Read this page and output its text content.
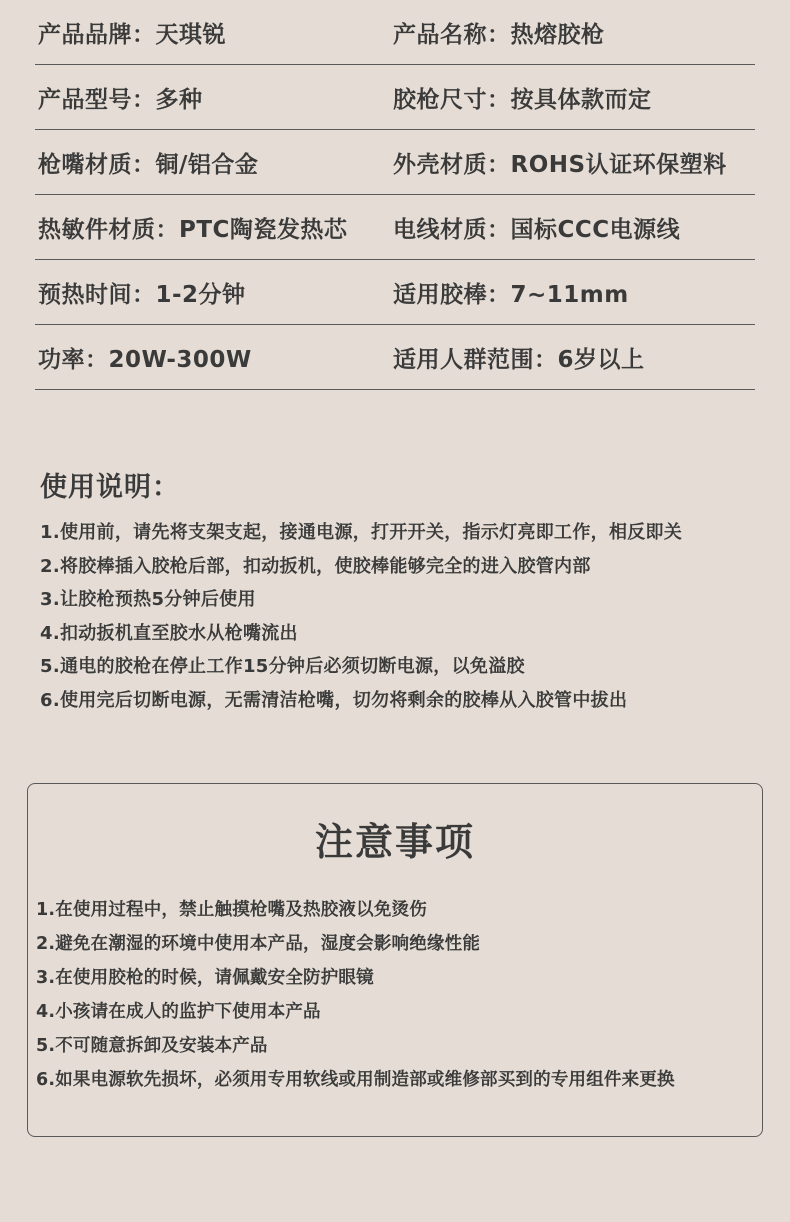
产品品牌：天琪锐	产品名称：热熔胶枪
产品型号：多种	胶枪尺寸：按具体款而定
枪嘴材质：铜/铝合金	外壳材质：ROHS认证环保塑料
热敏件材质：PTC陶瓷发热芯 电线材质：国标CCC电源线
预热时间：1-2分钟	适用胶棒：7~11mm
功率：20W-300W	适用人群范围：6岁以上
使用说明：
1.使用前，请先将支架支起，接通电源，打开开关，指示灯亮即工作，相反即关
2.将胶棒插入胶枪后部，扣动扳机，使胶棒能够完全的进入胶管内部
3.让胶枪预热5分钟后使用
4.扣动扳机直至胶水从枪嘴流出
5.通电的胶枪在停止工作15分钟后必须切断电源，以免溢胶
6.使用完后切断电源，无需清洁枪嘴，切勿将剩余的胶棒从入胶管中拔出
注意事项
1.在使用过程中，禁止触摸枪嘴及热胶液以免烫伤
2.避免在潮湿的环境中使用本产品，湿度会影响绝缘性能
3.在使用胶枪的时候，请佩戴安全防护眼镜
4.小孩请在成人的监护下使用本产品
5.不可随意拆卸及安装本产品
6.如果电源软先损坏，必须用专用软线或用制造部或维修部买到的专用组件来更换
